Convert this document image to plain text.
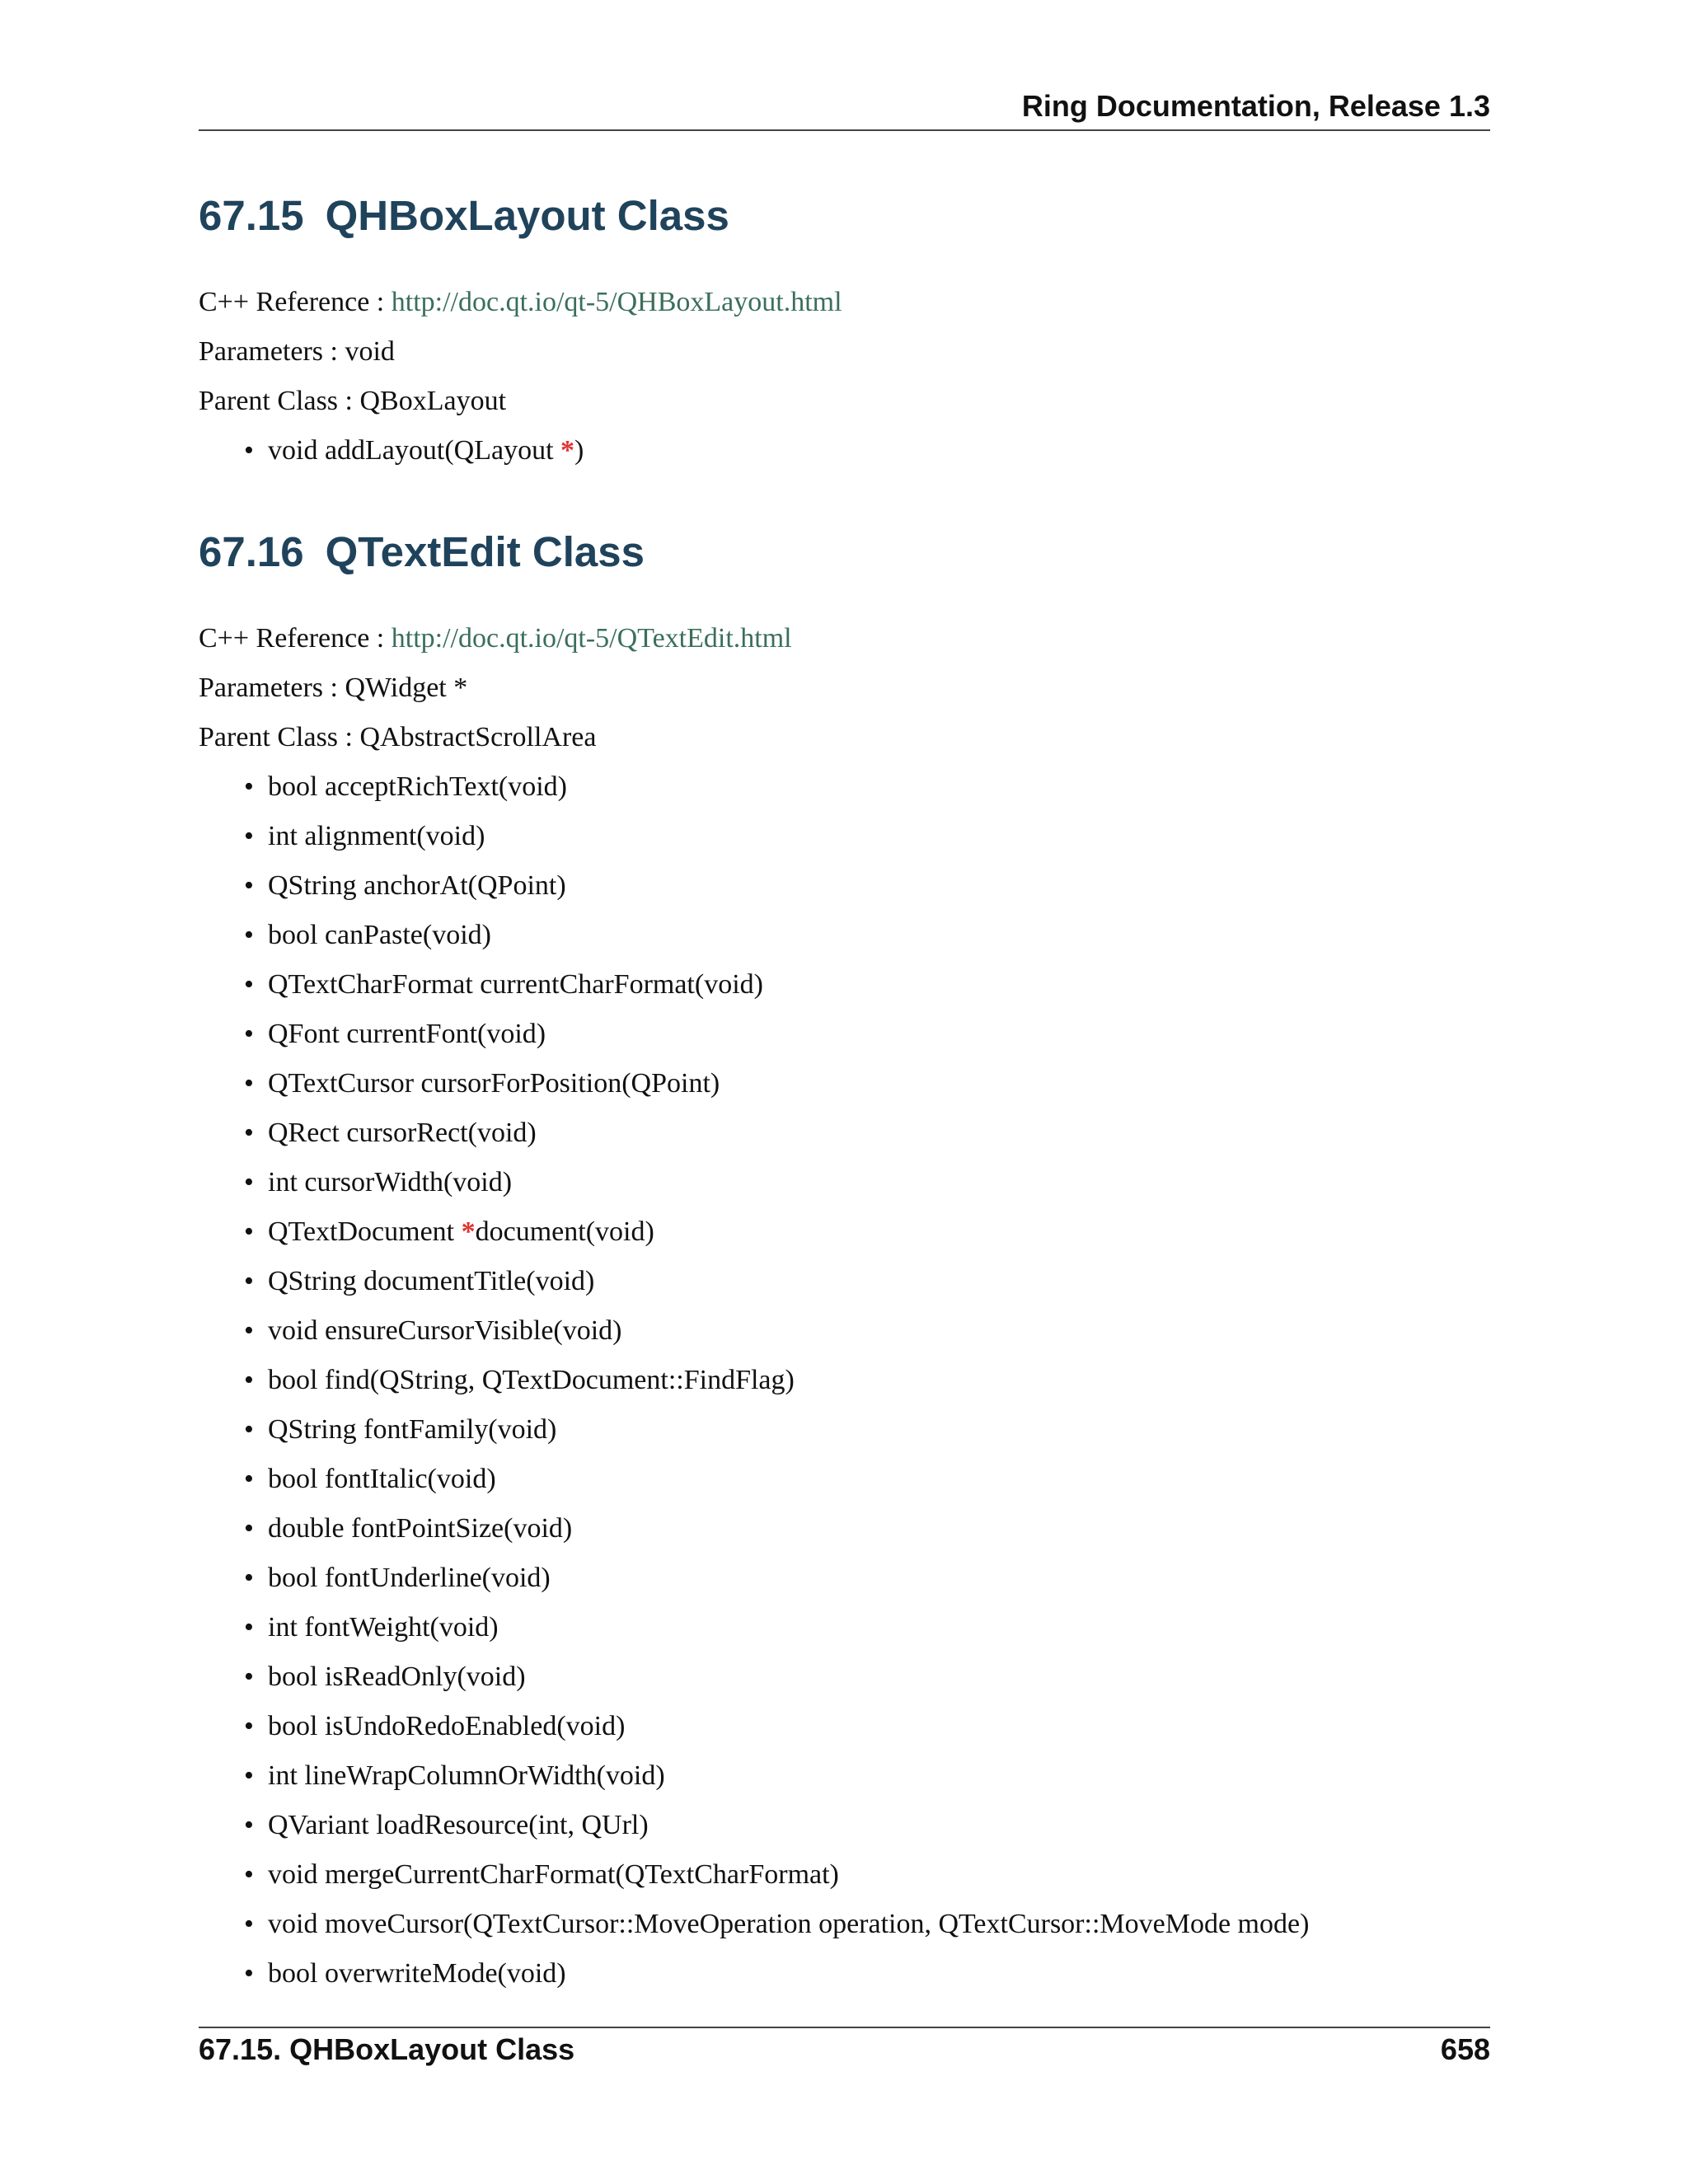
Ring Documentation, Release 1.3
67.15 QHBoxLayout Class
C++ Reference : http://doc.qt.io/qt-5/QHBoxLayout.html
Parameters : void
Parent Class : QBoxLayout
• void addLayout(QLayout *)
67.16 QTextEdit Class
C++ Reference : http://doc.qt.io/qt-5/QTextEdit.html
Parameters : QWidget *
Parent Class : QAbstractScrollArea
• bool acceptRichText(void)
• int alignment(void)
• QString anchorAt(QPoint)
• bool canPaste(void)
• QTextCharFormat currentCharFormat(void)
• QFont currentFont(void)
• QTextCursor cursorForPosition(QPoint)
• QRect cursorRect(void)
• int cursorWidth(void)
• QTextDocument *document(void)
• QString documentTitle(void)
• void ensureCursorVisible(void)
• bool find(QString, QTextDocument::FindFlag)
• QString fontFamily(void)
• bool fontItalic(void)
• double fontPointSize(void)
• bool fontUnderline(void)
• int fontWeight(void)
• bool isReadOnly(void)
• bool isUndoRedoEnabled(void)
• int lineWrapColumnOrWidth(void)
• QVariant loadResource(int, QUrl)
• void mergeCurrentCharFormat(QTextCharFormat)
• void moveCursor(QTextCursor::MoveOperation operation, QTextCursor::MoveMode mode)
• bool overwriteMode(void)
67.15. QHBoxLayout Class	658
